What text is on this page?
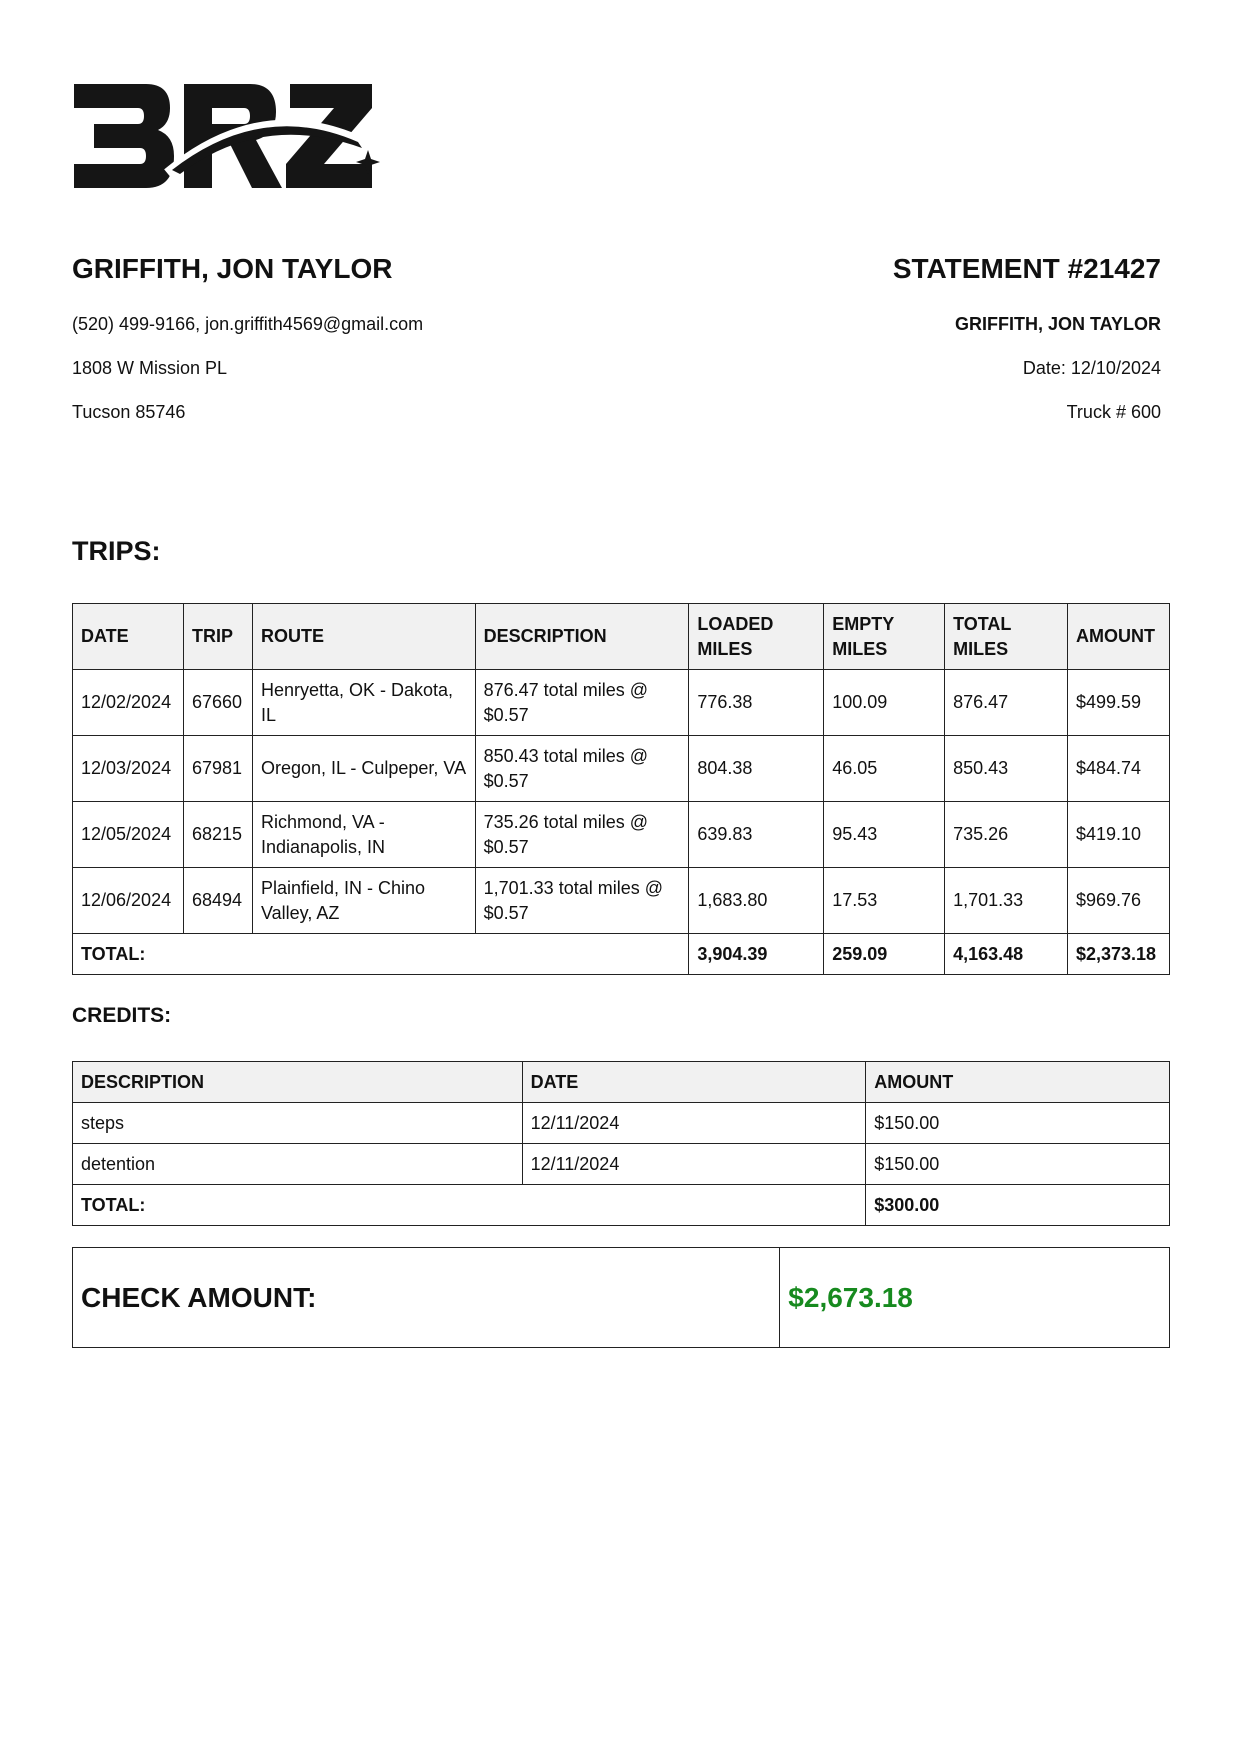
GRIFFITH, JON TAYLOR

(520) 499-9166, jon.griffith4569@gmail.com

1808 W Mission PL

Tucson 85746

STATEMENT #21427

GRIFFITH, JON TAYLOR

Date: 12/10/2024

Truck # 600

TRIPS:

DATE	TRIP	ROUTE	DESCRIPTION	LOADED MILES	EMPTY MILES	TOTAL MILES	AMOUNT
12/02/2024	67660	Henryetta, OK - Dakota, IL	876.47 total miles @ $0.57	776.38	100.09	876.47	$499.59
12/03/2024	67981	Oregon, IL - Culpeper, VA	850.43 total miles @ $0.57	804.38	46.05	850.43	$484.74
12/05/2024	68215	Richmond, VA - Indianapolis, IN	735.26 total miles @ $0.57	639.83	95.43	735.26	$419.10
12/06/2024	68494	Plainfield, IN - Chino Valley, AZ	1,701.33 total miles @ $0.57	1,683.80	17.53	1,701.33	$969.76
TOTAL:				3,904.39	259.09	4,163.48	$2,373.18

CREDITS:

DESCRIPTION	DATE	AMOUNT
steps	12/11/2024	$150.00
detention	12/11/2024	$150.00
TOTAL:		$300.00
CHECK AMOUNT:	$2,673.18
